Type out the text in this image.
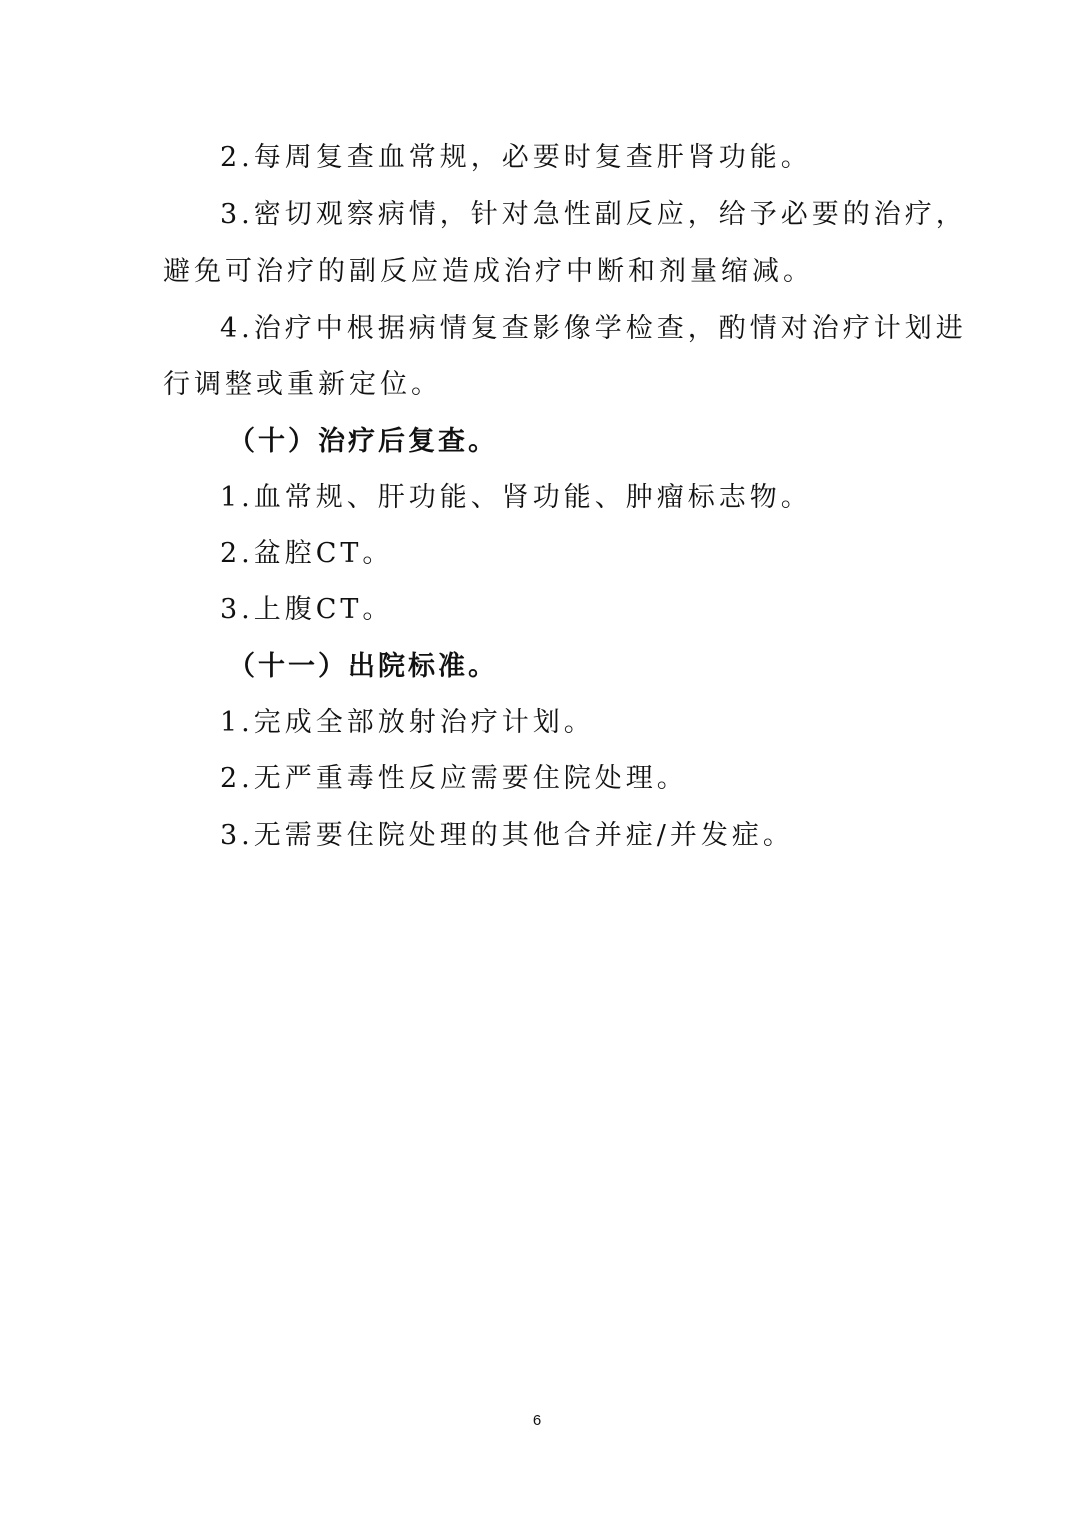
2.每周复查血常规，必要时复查肝肾功能。
3.密切观察病情，针对急性副反应，给予必要的治疗，
避免可治疗的副反应造成治疗中断和剂量缩减。
4.治疗中根据病情复查影像学检查，酌情对治疗计划进
行调整或重新定位。
（十）治疗后复查。
1.血常规、肝功能、肾功能、肿瘤标志物。
2.盆腔CT。
3.上腹CT。
（十一）出院标准。
1.完成全部放射治疗计划。
2.无严重毒性反应需要住院处理。
3.无需要住院处理的其他合并症/并发症。
6
